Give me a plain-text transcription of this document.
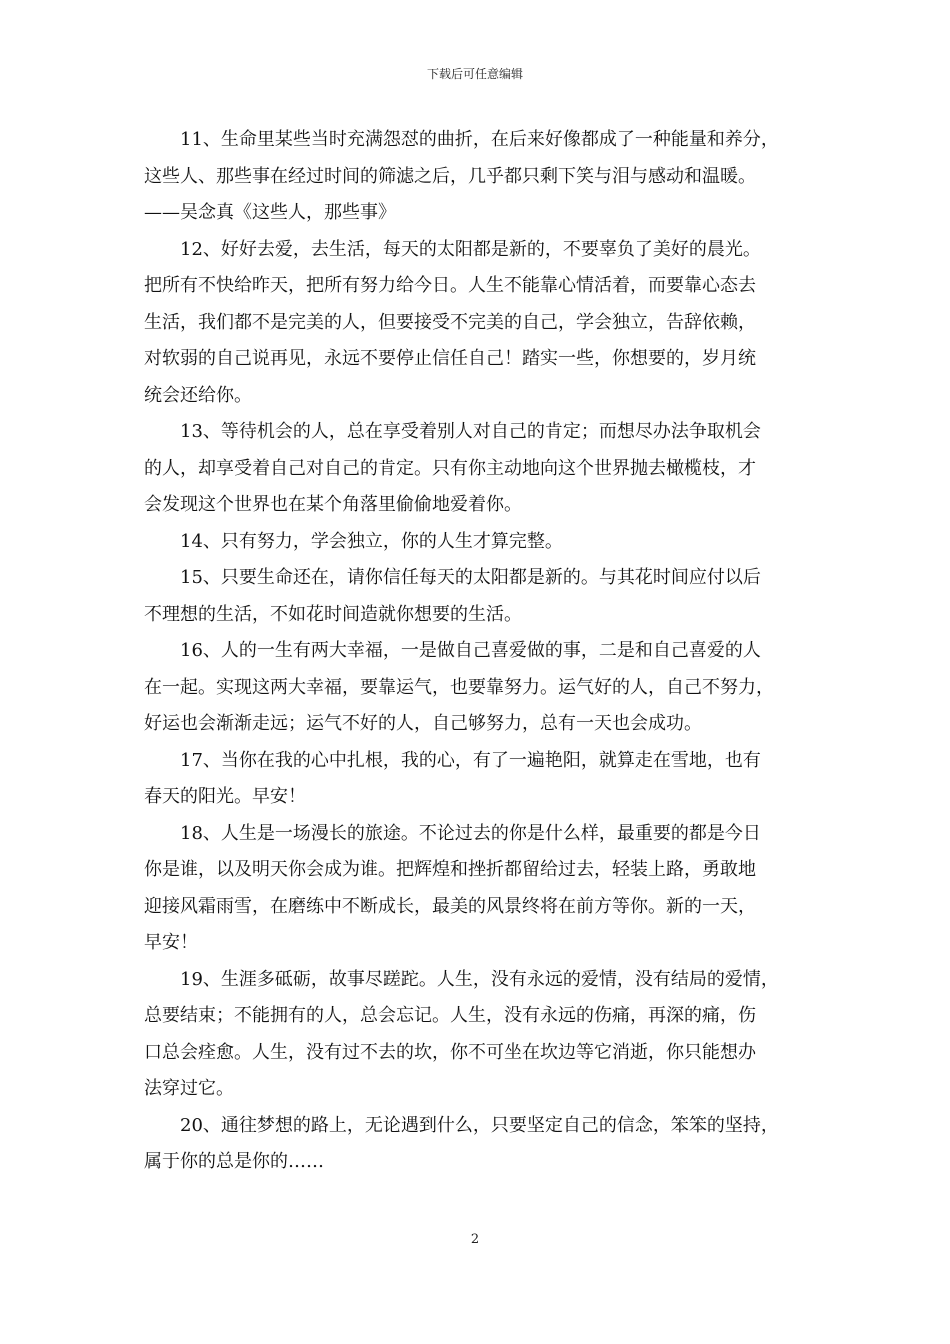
下载后可任意编辑

11、生命里某些当时充满怨怼的曲折，在后来好像都成了一种能量和养分，
这些人、那些事在经过时间的筛滤之后，几乎都只剩下笑与泪与感动和温暖。
——吴念真《这些人，那些事》

12、好好去爱，去生活，每天的太阳都是新的，不要辜负了美好的晨光。
把所有不快给昨天，把所有努力给今日。人生不能靠心情活着，而要靠心态去
生活，我们都不是完美的人，但要接受不完美的自己，学会独立，告辞依赖，
对软弱的自己说再见，永远不要停止信任自己！踏实一些，你想要的，岁月统
统会还给你。

13、等待机会的人，总在享受着别人对自己的肯定；而想尽办法争取机会
的人，却享受着自己对自己的肯定。只有你主动地向这个世界抛去橄榄枝，才
会发现这个世界也在某个角落里偷偷地爱着你。

14、只有努力，学会独立，你的人生才算完整。

15、只要生命还在，请你信任每天的太阳都是新的。与其花时间应付以后
不理想的生活，不如花时间造就你想要的生活。

16、人的一生有两大幸福，一是做自己喜爱做的事，二是和自己喜爱的人
在一起。实现这两大幸福，要靠运气，也要靠努力。运气好的人，自己不努力，
好运也会渐渐走远；运气不好的人，自己够努力，总有一天也会成功。

17、当你在我的心中扎根，我的心，有了一遍艳阳，就算走在雪地，也有
春天的阳光。早安！

18、人生是一场漫长的旅途。不论过去的你是什么样，最重要的都是今日
你是谁，以及明天你会成为谁。把辉煌和挫折都留给过去，轻装上路，勇敢地
迎接风霜雨雪，在磨练中不断成长，最美的风景终将在前方等你。新的一天，
早安！

19、生涯多砥砺，故事尽蹉跎。人生，没有永远的爱情，没有结局的爱情，
总要结束；不能拥有的人，总会忘记。人生，没有永远的伤痛，再深的痛，伤
口总会痊愈。人生，没有过不去的坎，你不可坐在坎边等它消逝，你只能想办
法穿过它。

20、通往梦想的路上，无论遇到什么，只要坚定自己的信念，笨笨的坚持，
属于你的总是你的……

2
